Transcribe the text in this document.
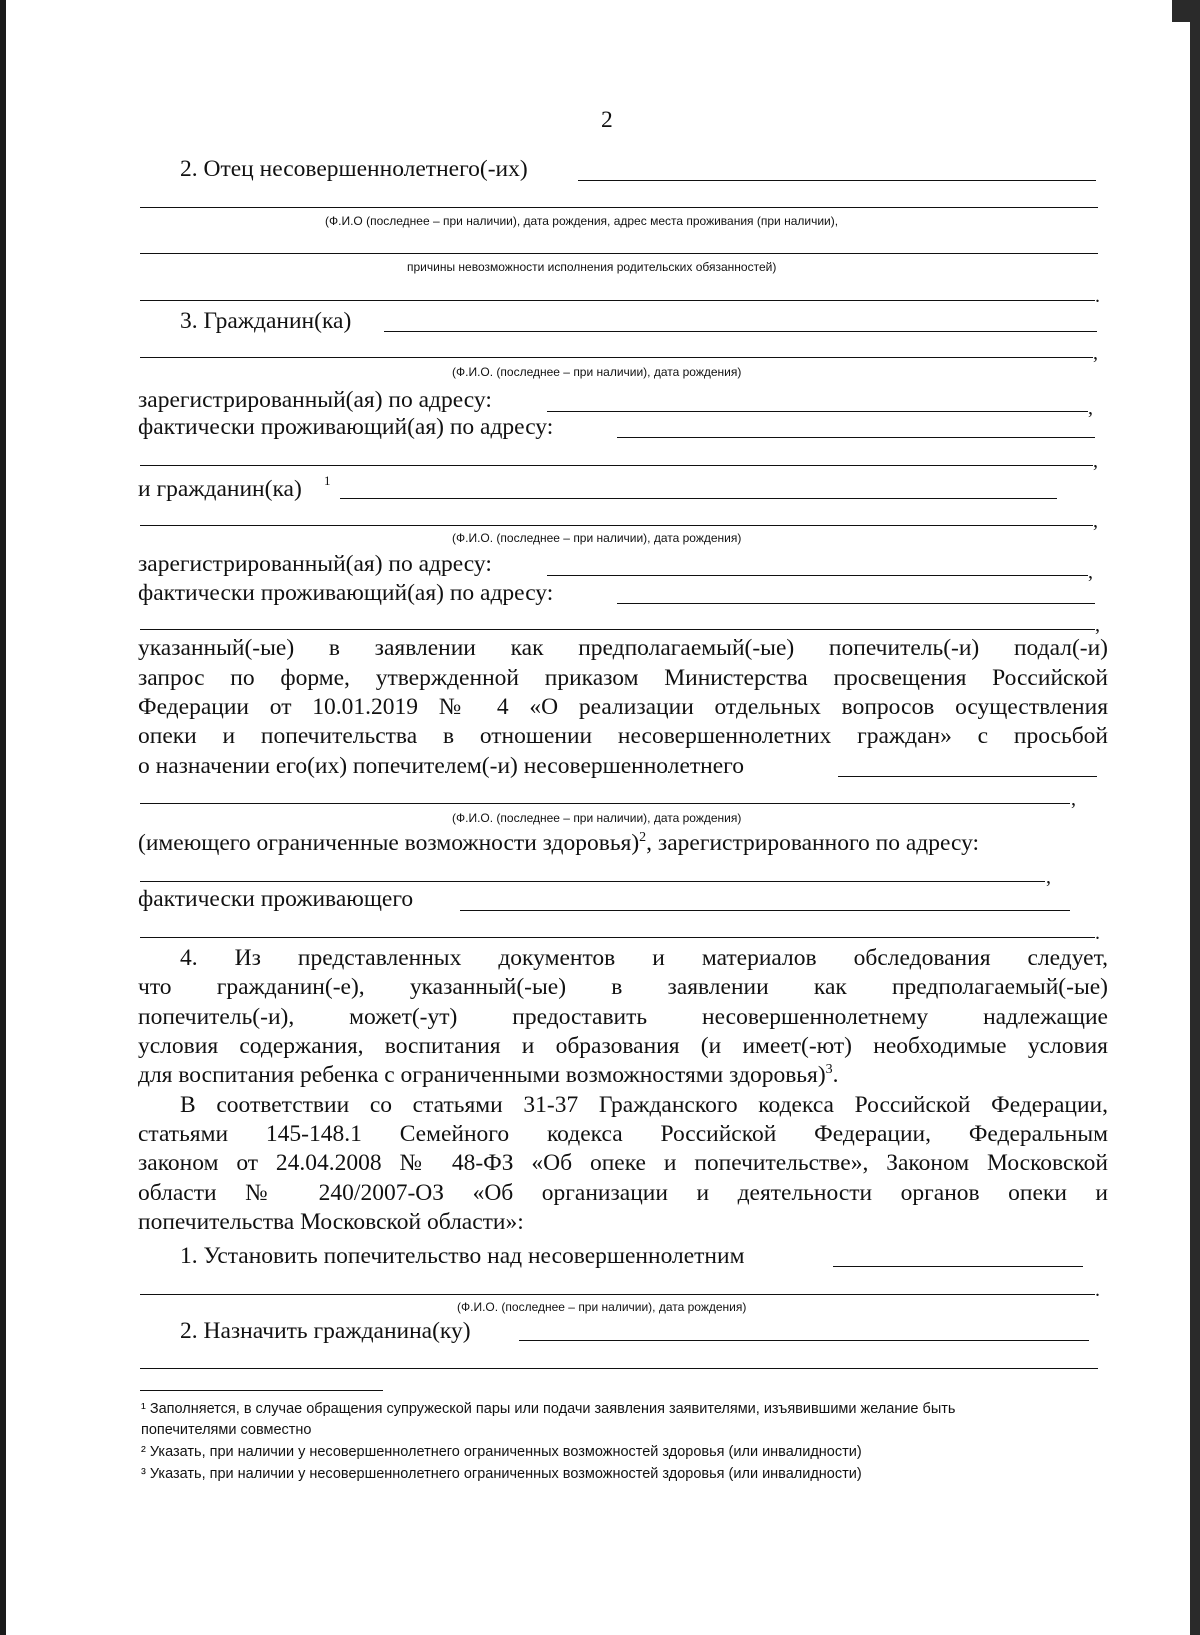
2
2. Отец несовершеннолетнего(-их)
(Ф.И.О (последнее – при наличии), дата рождения, адрес места проживания (при наличии),
причины невозможности исполнения родительских обязанностей)
.
3. Гражданин(ка)
,
(Ф.И.О. (последнее – при наличии), дата рождения)
зарегистрированный(ая) по адресу:	,
фактически проживающий(ая) по адресу:
,
и гражданин(ка) 1
,
(Ф.И.О. (последнее – при наличии), дата рождения)
зарегистрированный(ая) по адресу:	,
фактически проживающий(ая) по адресу:
,
указанный(-ые) в заявлении как предполагаемый(-ые) попечитель(-и) подал(-и)
запрос по форме, утвержденной приказом Министерства просвещения Российской
Федерации от 10.01.2019 № 4 «О реализации отдельных вопросов осуществления
опеки и попечительства в отношении несовершеннолетних граждан» с просьбой
о назначении его(их) попечителем(-и) несовершеннолетнего
,
(Ф.И.О. (последнее – при наличии), дата рождения)
(имеющего ограниченные возможности здоровья)$^2$, зарегистрированного по адресу:
,
фактически проживающего
.
4. Из представленных документов и материалов обследования следует,
что гражданин(-е), указанный(-ые) в заявлении как предполагаемый(-ые)
попечитель(-и), может(-ут) предоставить несовершеннолетнему надлежащие
условия содержания, воспитания и образования (и имеет(-ют) необходимые условия
для воспитания ребенка с ограниченными возможностями здоровья)$^3$.
В соответствии со статьями 31-37 Гражданского кодекса Российской Федерации,
статьями 145-148.1 Семейного кодекса Российской Федерации, Федеральным
законом от 24.04.2008 № 48-ФЗ «Об опеке и попечительстве», Законом Московской
области № 240/2007-ОЗ «Об организации и деятельности органов опеки и
попечительства Московской области»:
1. Установить попечительство над несовершеннолетним
.
(Ф.И.О. (последнее – при наличии), дата рождения)
2. Назначить гражданина(ку)
¹ Заполняется, в случае обращения супружеской пары или подачи заявления заявителями, изъявившими желание быть
попечителями совместно
² Указать, при наличии у несовершеннолетнего ограниченных возможностей здоровья (или инвалидности)
³ Указать, при наличии у несовершеннолетнего ограниченных возможностей здоровья (или инвалидности)
